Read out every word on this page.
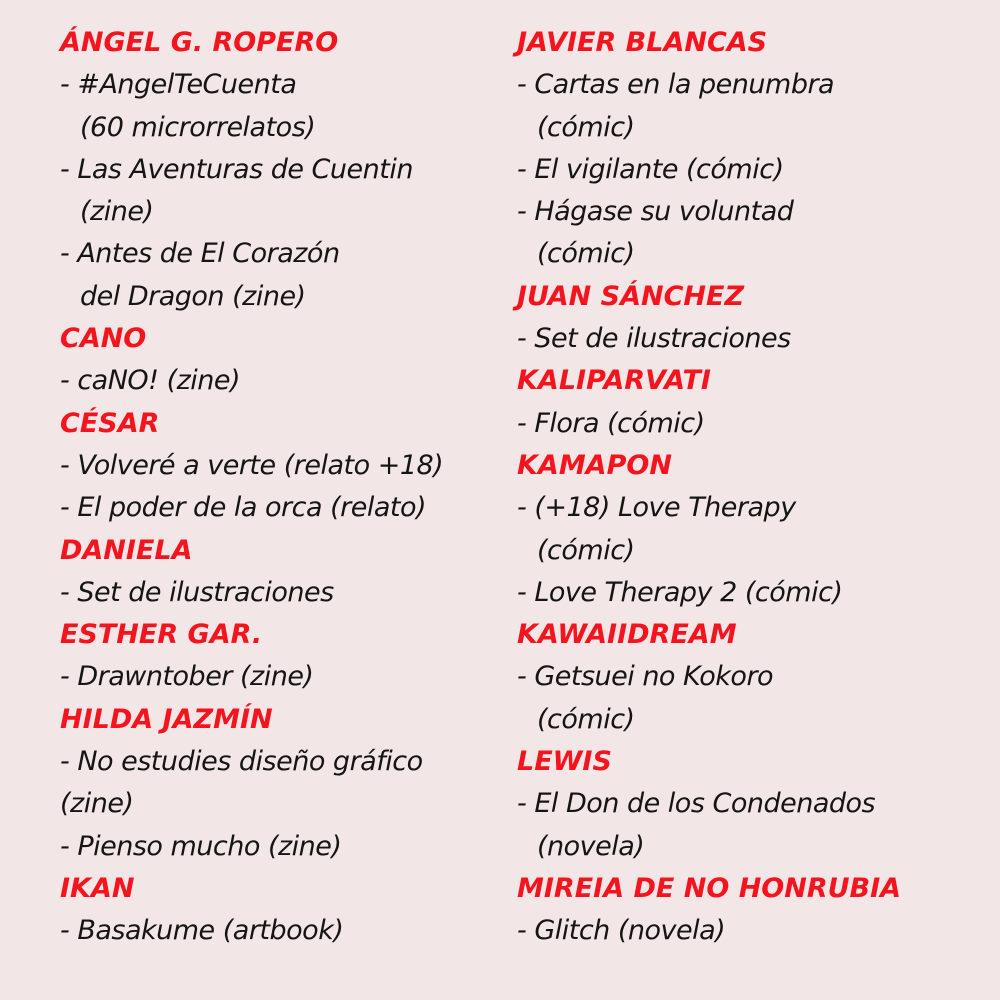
ÁNGEL G. ROPERO
- #AngelTeCuenta
(60 microrrelatos)
- Las Aventuras de Cuentin
(zine)
- Antes de El Corazón
del Dragon (zine)
CANO
- caNO! (zine)
CÉSAR
- Volveré a verte (relato +18)
- El poder de la orca (relato)
DANIELA
- Set de ilustraciones
ESTHER GAR.
- Drawntober (zine)
HILDA JAZMÍN
- No estudies diseño gráfico
(zine)
- Pienso mucho (zine)
IKAN
- Basakume (artbook)
JAVIER BLANCAS
- Cartas en la penumbra
(cómic)
- El vigilante (cómic)
- Hágase su voluntad
(cómic)
JUAN SÁNCHEZ
- Set de ilustraciones
KALIPARVATI
- Flora (cómic)
KAMAPON
- (+18) Love Therapy
(cómic)
- Love Therapy 2 (cómic)
KAWAIIDREAM
- Getsuei no Kokoro
(cómic)
LEWIS
- El Don de los Condenados
(novela)
MIREIA DE NO HONRUBIA
- Glitch (novela)
